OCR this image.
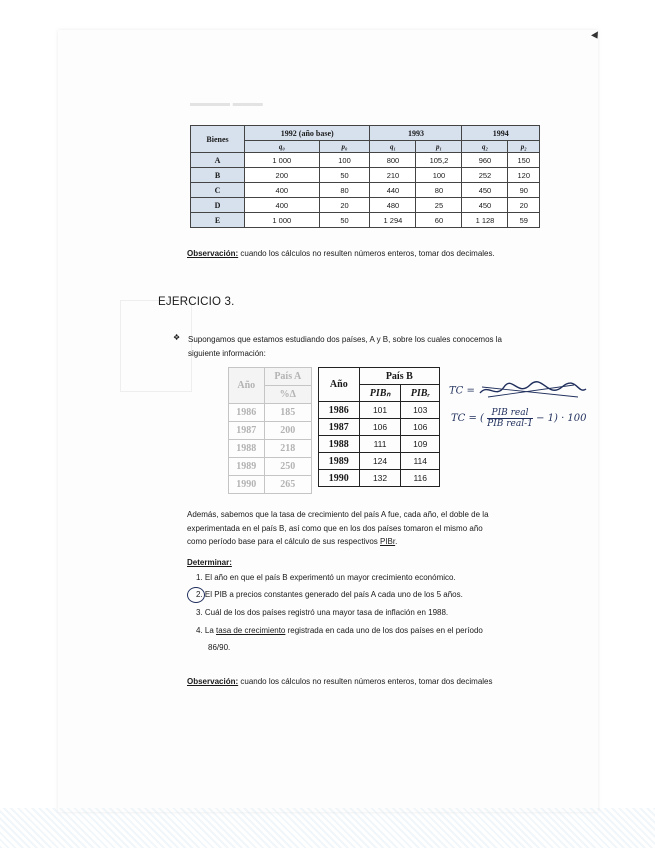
▬▬▬▬ ▬▬▬
Bienes	1992 (año base)		1993		1994	
	q₀	p₀	q₁	p₁	q₂	p₂
A	1 000	100	800	105,2	960	150
B	200	50	210	100	252	120
C	400	80	440	80	450	90
D	400	20	480	25	450	20
E	1 000	50	1 294	60	1 128	59
Observación: cuando los cálculos no resulten números enteros, tomar dos decimales.
EJERCICIO 3.
❖ Supongamos que estamos estudiando dos países, A y B, sobre los cuales conocemos la
siguiente información:
Año	País A
	%Δ
1986	185
1987	200
1988	218
1989	250
1990	265
Año	País B	
	PIBₙ	PIBᵣ
1986	101	103
1987	106	106
1988	111	109
1989	124	114
1990	132	116
TC =
TC = ( PIB real
PIB real-1 − 1) · 100
Además, sabemos que la tasa de crecimiento del país A fue, cada año, el doble de la
experimentada en el país B, así como que en los dos países tomaron el mismo año
como período base para el cálculo de sus respectivos PIBr.
Determinar:
1. El año en que el país B experimentó un mayor crecimiento económico.
2. El PIB a precios constantes generado del país A cada uno de los 5 años.
3. Cuál de los dos países registró una mayor tasa de inflación en 1988.
4. La tasa de crecimiento registrada en cada uno de los dos países en el período
86/90.
Observación: cuando los cálculos no resulten números enteros, tomar dos decimales
